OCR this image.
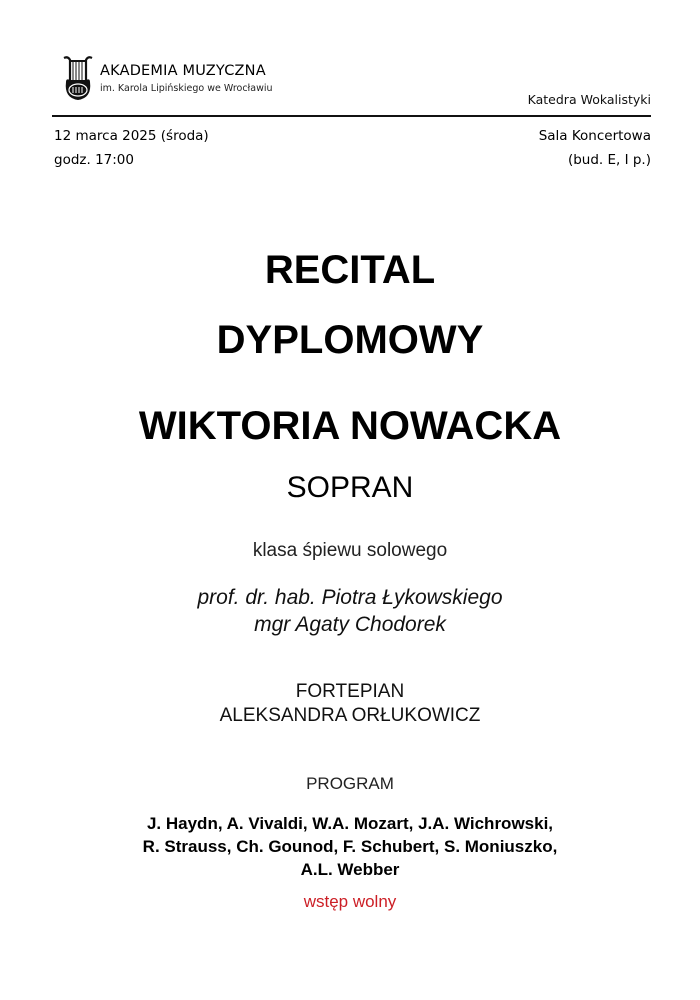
AKADEMIA MUZYCZNA
im. Karola Lipińskiego we Wrocławiu
Katedra Wokalistyki
12 marca 2025 (środa)
godz. 17:00
Sala Koncertowa
(bud. E, I p.)
RECITAL
DYPLOMOWY
WIKTORIA NOWACKA
SOPRAN
klasa śpiewu solowego
prof. dr. hab. Piotra Łykowskiego
mgr Agaty Chodorek
FORTEPIAN
ALEKSANDRA ORŁUKOWICZ
PROGRAM
J. Haydn, A. Vivaldi, W.A. Mozart, J.A. Wichrowski,
R. Strauss, Ch. Gounod, F. Schubert, S. Moniuszko,
A.L. Webber
wstęp wolny
